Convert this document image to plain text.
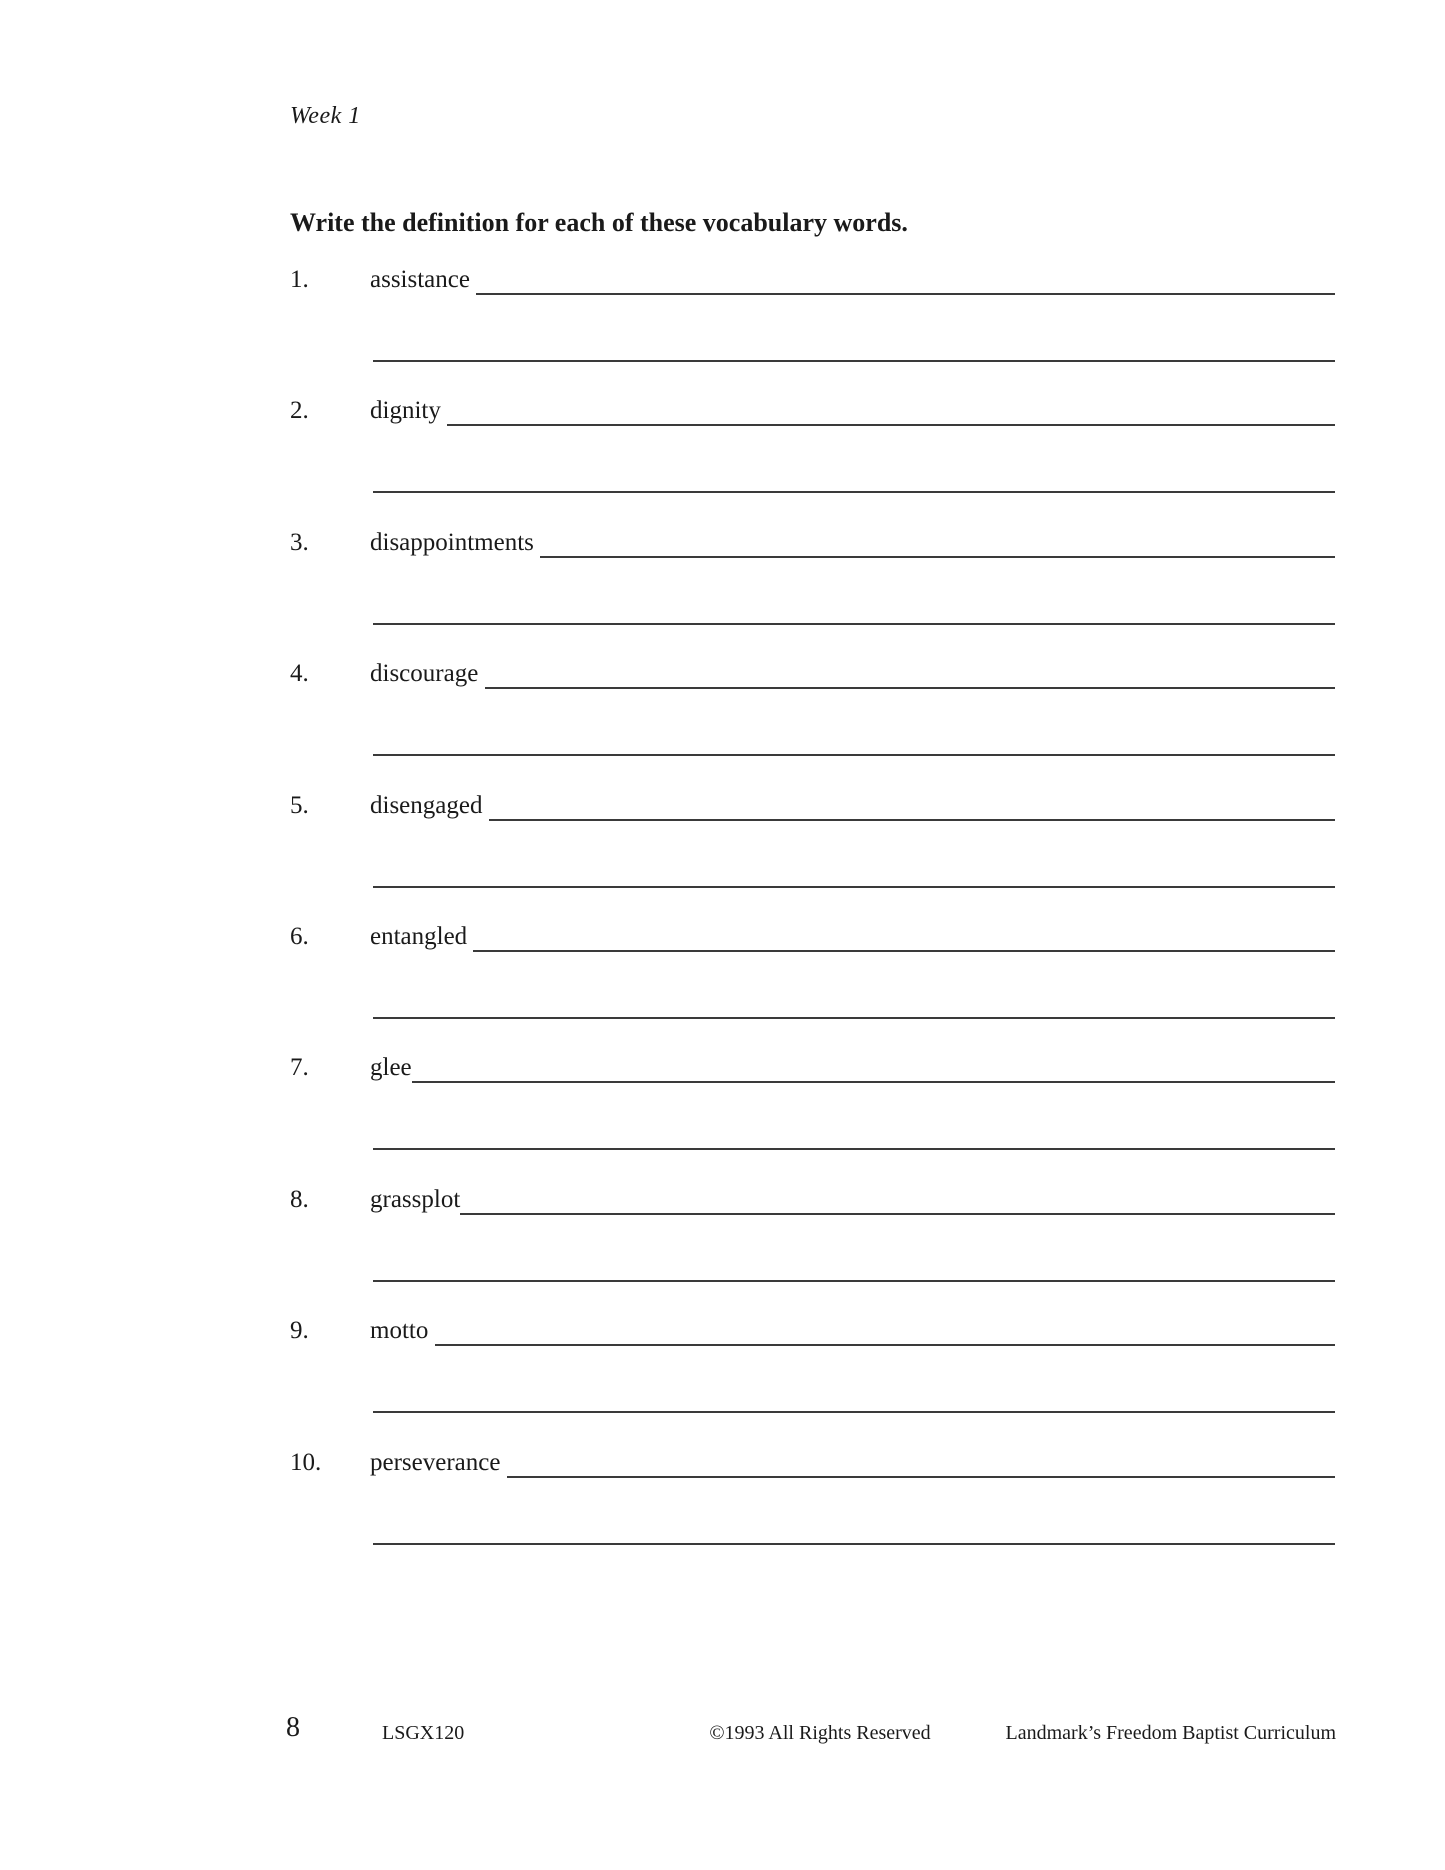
Week 1
Write the definition for each of these vocabulary words.
1.	assistance
2.	dignity
3.	disappointments
4.	discourage
5.	disengaged
6.	entangled
7.	glee
8.	grassplot
9.	motto
10.	perseverance
8	LSGX120	©1993 All Rights Reserved	Landmark’s Freedom Baptist Curriculum
